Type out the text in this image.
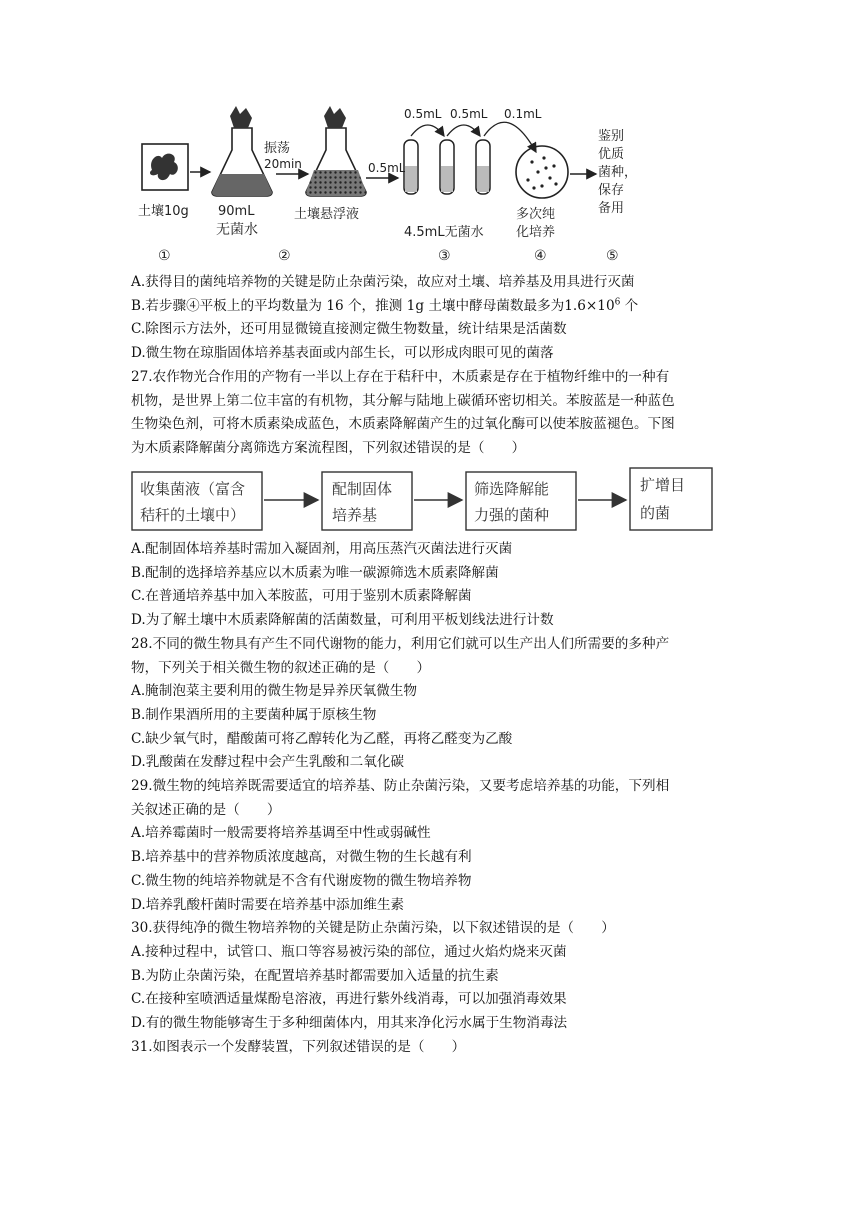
土壤10g 90mL
无菌水
振荡
20min
土壤悬浮液
0.5mL
0.5mL 0.5mL 0.1mL
4.5mL无菌水
多次纯
化培养
鉴别
优质
菌种，
保存
备用
①	②	③	④	⑤
A.获得目的菌纯培养物的关键是防止杂菌污染，故应对土壤、培养基及用具进行灭菌
B.若步骤④平板上的平均数量为 16 个，推测 1g 土壤中酵母菌数最多为$1.6\times 10^6$ 个
C.除图示方法外，还可用显微镜直接测定微生物数量，统计结果是活菌数
D.微生物在琼脂固体培养基表面或内部生长，可以形成肉眼可见的菌落
27.农作物光合作用的产物有一半以上存在于秸秆中，木质素是存在于植物纤维中的一种有
机物，是世界上第二位丰富的有机物，其分解与陆地上碳循环密切相关。苯胺蓝是一种蓝色
生物染色剂，可将木质素染成蓝色，木质素降解菌产生的过氧化酶可以使苯胺蓝褪色。下图
为木质素降解菌分离筛选方案流程图，下列叙述错误的是（　　）
收集菌液（富含
秸秆的土壤中）
配制固体
培养基
筛选降解能
力强的菌种
扩增目
的菌
A.配制固体培养基时需加入凝固剂，用高压蒸汽灭菌法进行灭菌
B.配制的选择培养基应以木质素为唯一碳源筛选木质素降解菌
C.在普通培养基中加入苯胺蓝，可用于鉴别木质素降解菌
D.为了解土壤中木质素降解菌的活菌数量，可利用平板划线法进行计数
28.不同的微生物具有产生不同代谢物的能力，利用它们就可以生产出人们所需要的多种产
物，下列关于相关微生物的叙述正确的是（　　）
A.腌制泡菜主要利用的微生物是异养厌氧微生物
B.制作果酒所用的主要菌种属于原核生物
C.缺少氧气时，醋酸菌可将乙醇转化为乙醛，再将乙醛变为乙酸
D.乳酸菌在发酵过程中会产生乳酸和二氧化碳
29.微生物的纯培养既需要适宜的培养基、防止杂菌污染，又要考虑培养基的功能，下列相
关叙述正确的是（　　）
A.培养霉菌时一般需要将培养基调至中性或弱碱性
B.培养基中的营养物质浓度越高，对微生物的生长越有利
C.微生物的纯培养物就是不含有代谢废物的微生物培养物
D.培养乳酸杆菌时需要在培养基中添加维生素
30.获得纯净的微生物培养物的关键是防止杂菌污染，以下叙述错误的是（　　）
A.接种过程中，试管口、瓶口等容易被污染的部位，通过火焰灼烧来灭菌
B.为防止杂菌污染，在配置培养基时都需要加入适量的抗生素
C.在接种室喷洒适量煤酚皂溶液，再进行紫外线消毒，可以加强消毒效果
D.有的微生物能够寄生于多种细菌体内，用其来净化污水属于生物消毒法
31.如图表示一个发酵装置，下列叙述错误的是（　　）
